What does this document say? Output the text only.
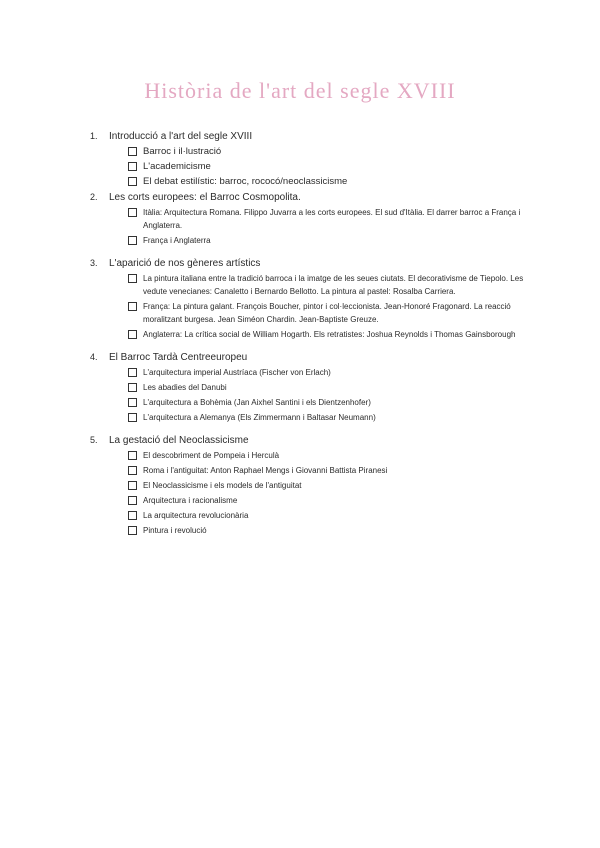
Història de l'art del segle XVIII
1.	Introducció a l'art del segle XVIII
Barroc i il·lustració
L'academicisme
El debat estilístic: barroc, rococó/neoclassicisme
2.	Les corts europees: el Barroc Cosmopolita.
Itàlia: Arquitectura Romana. Filippo Juvarra a les corts europees. El sud d'Itàlia. El darrer barroc a França i Anglaterra.
França i Anglaterra
3.	L'aparició de nos gèneres artístics
La pintura italiana entre la tradició barroca i la imatge de les seues ciutats. El decorativisme de Tiepolo. Les vedute venecianes: Canaletto i Bernardo Bellotto. La pintura al pastel: Rosalba Carriera.
França: La pintura galant. François Boucher, pintor i col·leccionista. Jean-Honoré Fragonard. La reacció moralitzant burgesa. Jean Siméon Chardin. Jean-Baptiste Greuze.
Anglaterra: La crítica social de William Hogarth. Els retratistes: Joshua Reynolds i Thomas Gainsborough
4.	El Barroc Tardà Centreeuropeu
L'arquitectura imperial Austríaca (Fischer von Erlach)
Les abadies del Danubi
L'arquitectura a Bohèmia (Jan Aixhel Santini i els Dientzenhofer)
L'arquitectura a Alemanya (Els Zimmermann i Baltasar Neumann)
5.	La gestació del Neoclassicisme
El descobriment de Pompeia i Herculà
Roma i l'antiguitat: Anton Raphael Mengs i Giovanni Battista Piranesi
El Neoclassicisme i els models de l'antiguitat
Arquitectura i racionalisme
La arquitectura revolucionària
Pintura i revolució
